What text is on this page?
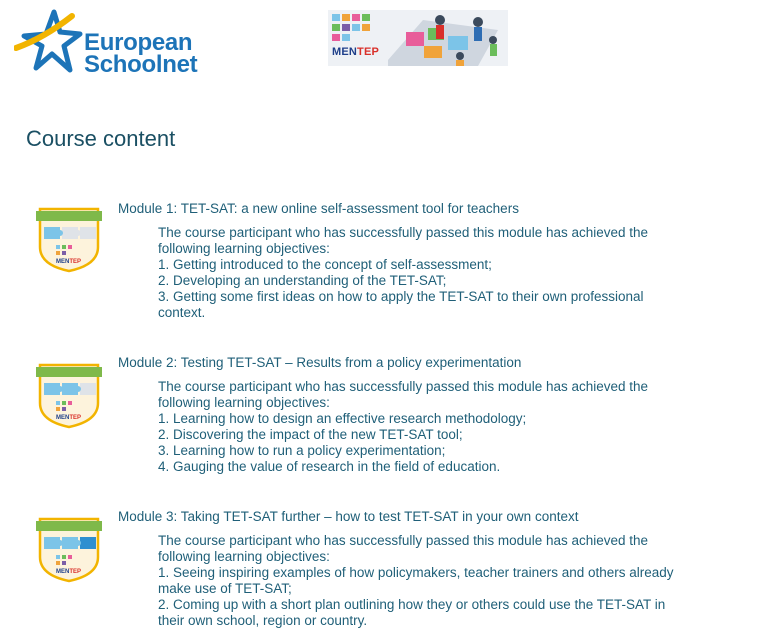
European
Schoolnet	MENTEP
Course content
MENTEP
Module 1: TET-SAT: a new online self-assessment tool for teachers

The course participant who has successfully passed this module has achieved the

following learning objectives:

1. Getting introduced to the concept of self-assessment;
2. Developing an understanding of the TET-SAT;
3. Getting some first ideas on how to apply the TET-SAT to their own professional
context.
MENTEP
Module 2: Testing TET-SAT – Results from a policy experimentation

The course participant who has successfully passed this module has achieved the

following learning objectives:

1. Learning how to design an effective research methodology;
2. Discovering the impact of the new TET-SAT tool;
3. Learning how to run a policy experimentation;
4. Gauging the value of research in the field of education.
MENTEP
Module 3: Taking TET-SAT further – how to test TET-SAT in your own context

The course participant who has successfully passed this module has achieved the

following learning objectives:

1. Seeing inspiring examples of how policymakers, teacher trainers and others already
make use of TET-SAT;
2. Coming up with a short plan outlining how they or others could use the TET-SAT in
their own school, region or country.
